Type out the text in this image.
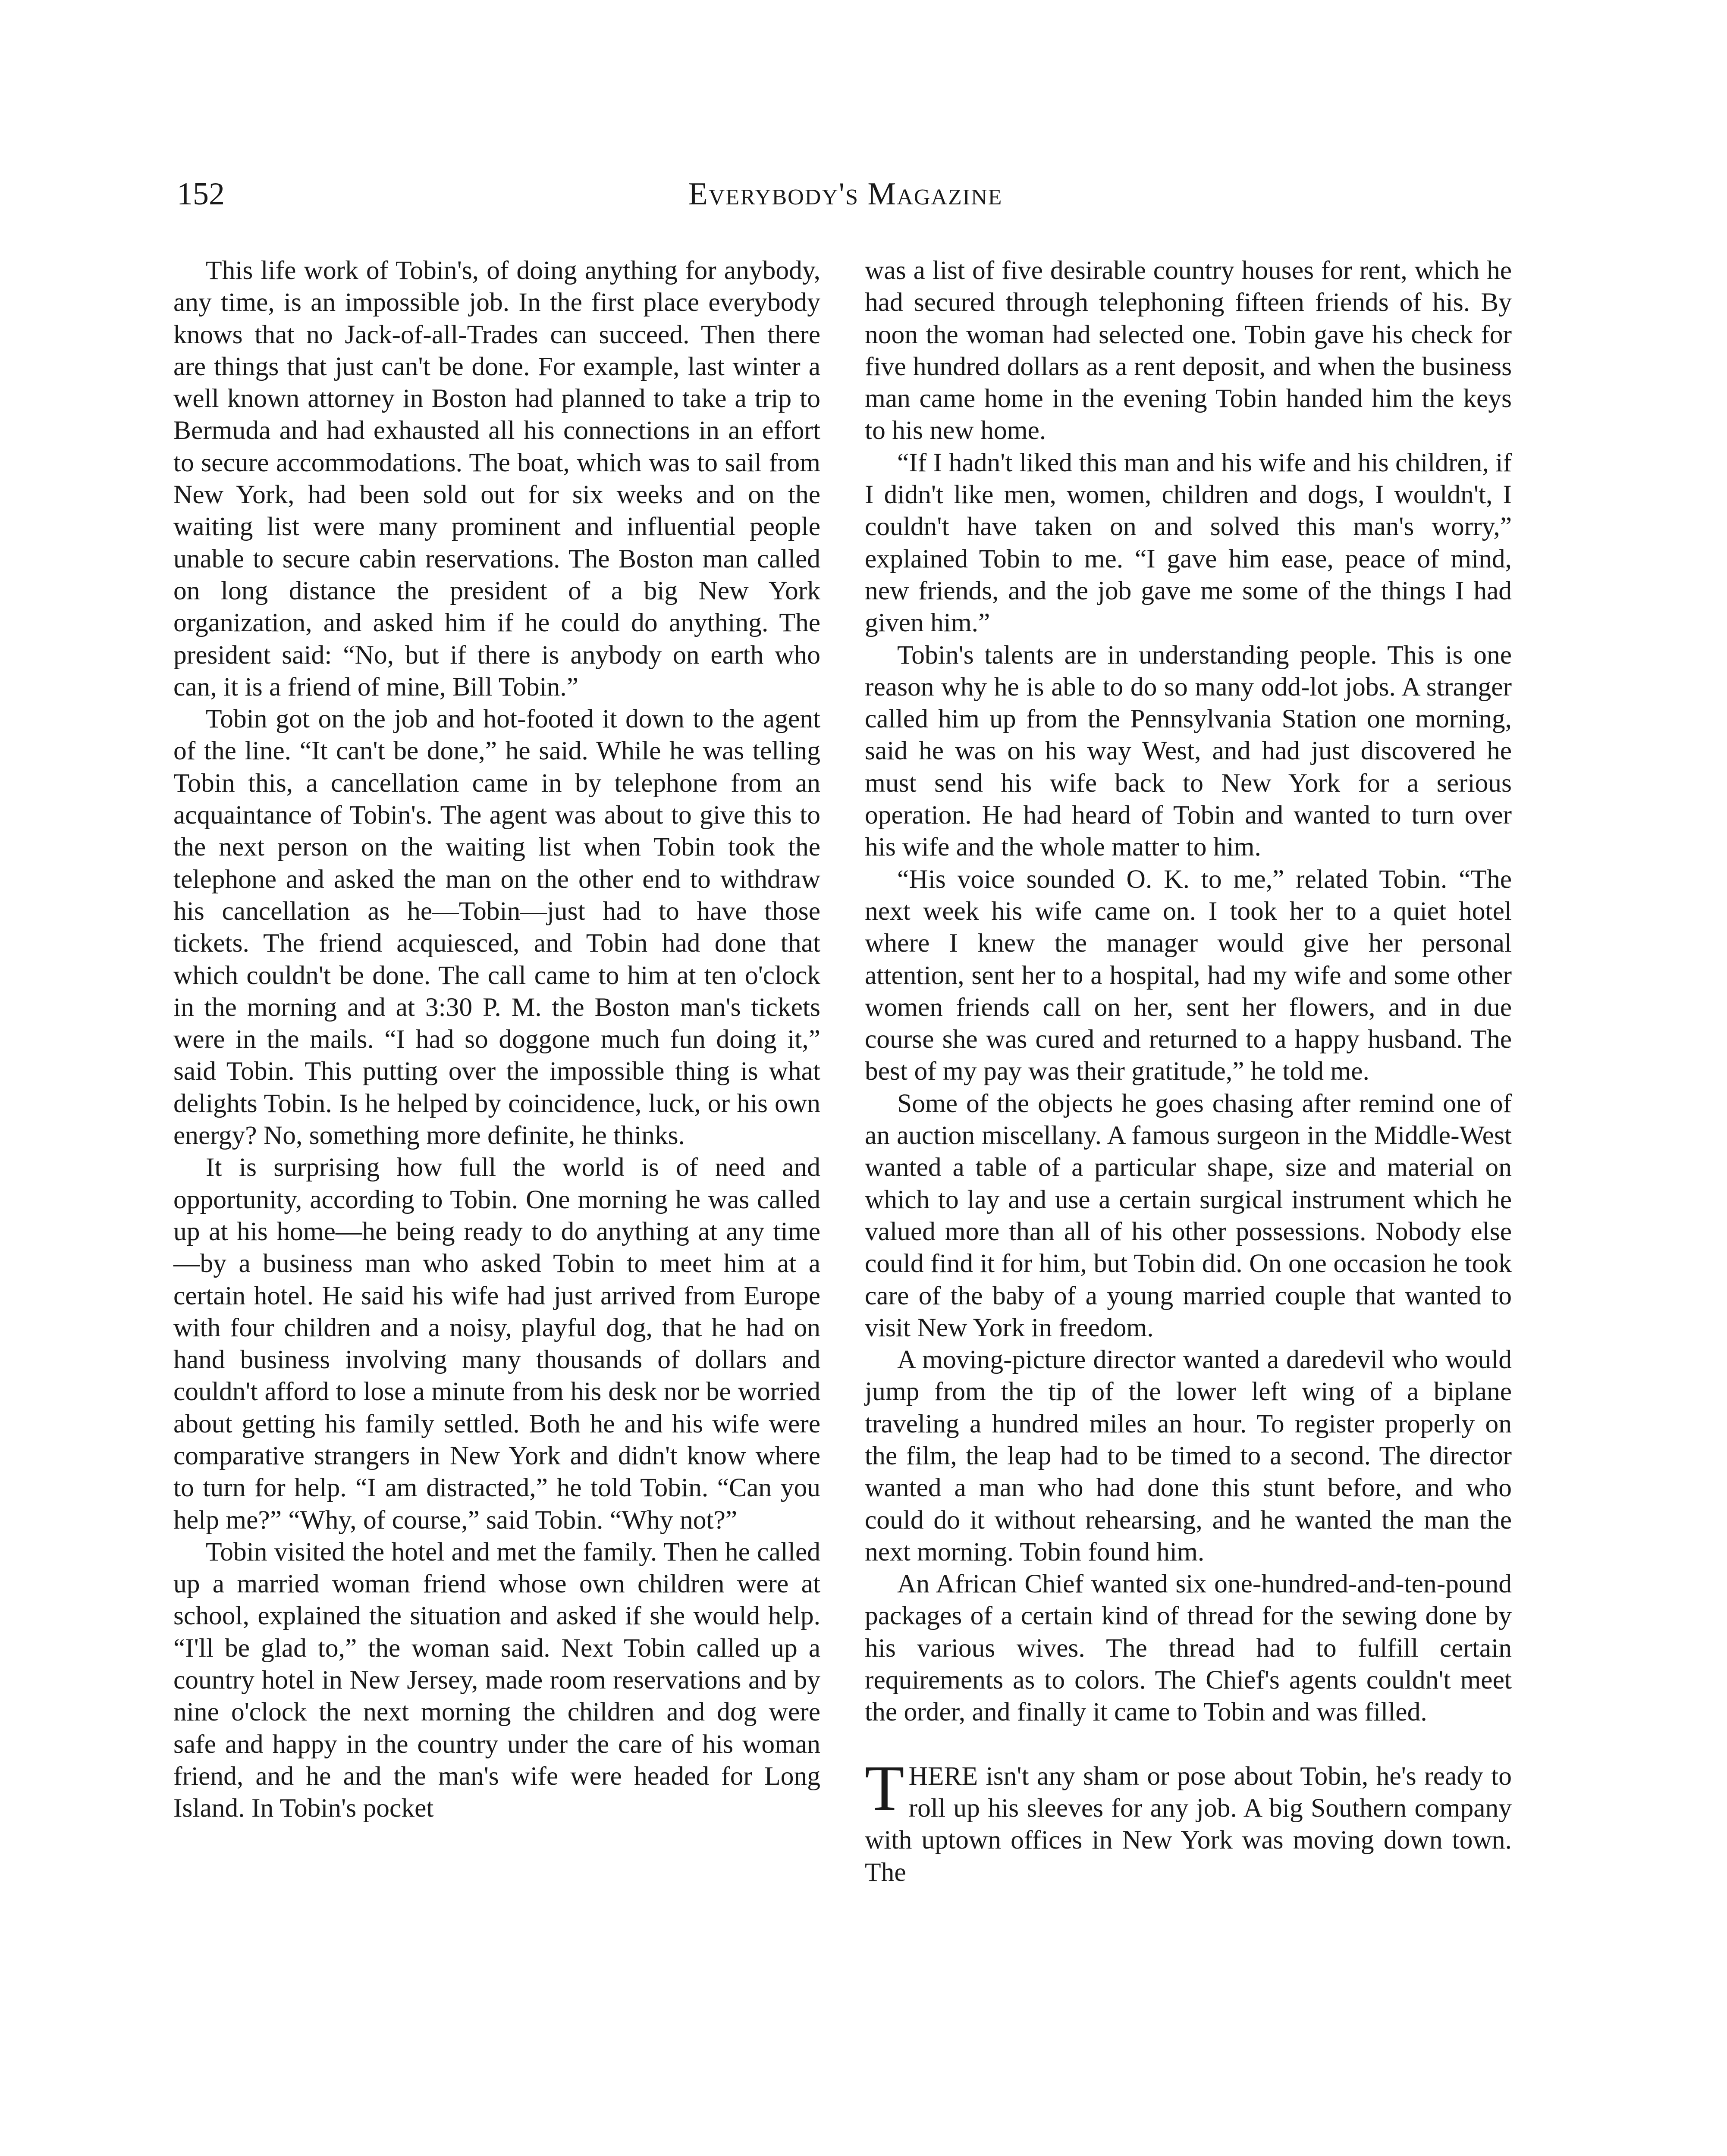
152	Everybody's Magazine

This life work of Tobin's, of doing anything for anybody, any time, is an impossible job. In the first place everybody knows that no Jack-of-all-Trades can succeed. Then there are things that just can't be done. For example, last winter a well known attorney in Boston had planned to take a trip to Bermuda and had exhausted all his connections in an effort to secure accommodations. The boat, which was to sail from New York, had been sold out for six weeks and on the waiting list were many prominent and influential people unable to secure cabin reservations. The Boston man called on long distance the president of a big New York organization, and asked him if he could do anything. The president said: “No, but if there is anybody on earth who can, it is a friend of mine, Bill Tobin.”

Tobin got on the job and hot-footed it down to the agent of the line. “It can't be done,” he said. While he was telling Tobin this, a cancellation came in by telephone from an acquaintance of Tobin's. The agent was about to give this to the next person on the waiting list when Tobin took the telephone and asked the man on the other end to withdraw his cancellation as he—Tobin—just had to have those tickets. The friend acquiesced, and Tobin had done that which couldn't be done. The call came to him at ten o'clock in the morning and at 3:30 P. M. the Boston man's tickets were in the mails. “I had so doggone much fun doing it,” said Tobin. This putting over the impossible thing is what delights Tobin. Is he helped by coincidence, luck, or his own energy? No, something more definite, he thinks.

It is surprising how full the world is of need and opportunity, according to Tobin. One morning he was called up at his home—he being ready to do anything at any time—by a business man who asked Tobin to meet him at a certain hotel. He said his wife had just arrived from Europe with four children and a noisy, playful dog, that he had on hand business involving many thousands of dollars and couldn't afford to lose a minute from his desk nor be worried about getting his family settled. Both he and his wife were comparative strangers in New York and didn't know where to turn for help. “I am distracted,” he told Tobin. “Can you help me?” “Why, of course,” said Tobin. “Why not?”

Tobin visited the hotel and met the family. Then he called up a married woman friend whose own children were at school, explained the situation and asked if she would help. “I'll be glad to,” the woman said. Next Tobin called up a country hotel in New Jersey, made room reservations and by nine o'clock the next morning the children and dog were safe and happy in the country under the care of his woman friend, and he and the man's wife were headed for Long Island. In Tobin's pocket

was a list of five desirable country houses for rent, which he had secured through telephoning fifteen friends of his. By noon the woman had selected one. Tobin gave his check for five hundred dollars as a rent deposit, and when the business man came home in the evening Tobin handed him the keys to his new home.

“If I hadn't liked this man and his wife and his children, if I didn't like men, women, children and dogs, I wouldn't, I couldn't have taken on and solved this man's worry,” explained Tobin to me. “I gave him ease, peace of mind, new friends, and the job gave me some of the things I had given him.”

Tobin's talents are in understanding people. This is one reason why he is able to do so many odd-lot jobs. A stranger called him up from the Pennsylvania Station one morning, said he was on his way West, and had just discovered he must send his wife back to New York for a serious operation. He had heard of Tobin and wanted to turn over his wife and the whole matter to him.

“His voice sounded O. K. to me,” related Tobin. “The next week his wife came on. I took her to a quiet hotel where I knew the manager would give her personal attention, sent her to a hospital, had my wife and some other women friends call on her, sent her flowers, and in due course she was cured and returned to a happy husband. The best of my pay was their gratitude,” he told me.

Some of the objects he goes chasing after remind one of an auction miscellany. A famous surgeon in the Middle-West wanted a table of a particular shape, size and material on which to lay and use a certain surgical instrument which he valued more than all of his other possessions. Nobody else could find it for him, but Tobin did. On one occasion he took care of the baby of a young married couple that wanted to visit New York in freedom.

A moving-picture director wanted a daredevil who would jump from the tip of the lower left wing of a biplane traveling a hundred miles an hour. To register properly on the film, the leap had to be timed to a second. The director wanted a man who had done this stunt before, and who could do it without rehearsing, and he wanted the man the next morning. Tobin found him.

An African Chief wanted six one-hundred-and-ten-pound packages of a certain kind of thread for the sewing done by his various wives. The thread had to fulfill certain requirements as to colors. The Chief's agents couldn't meet the order, and finally it came to Tobin and was filled.

THERE isn't any sham or pose about Tobin, he's ready to roll up his sleeves for any job. A big Southern company with uptown offices in New York was moving down town. The
